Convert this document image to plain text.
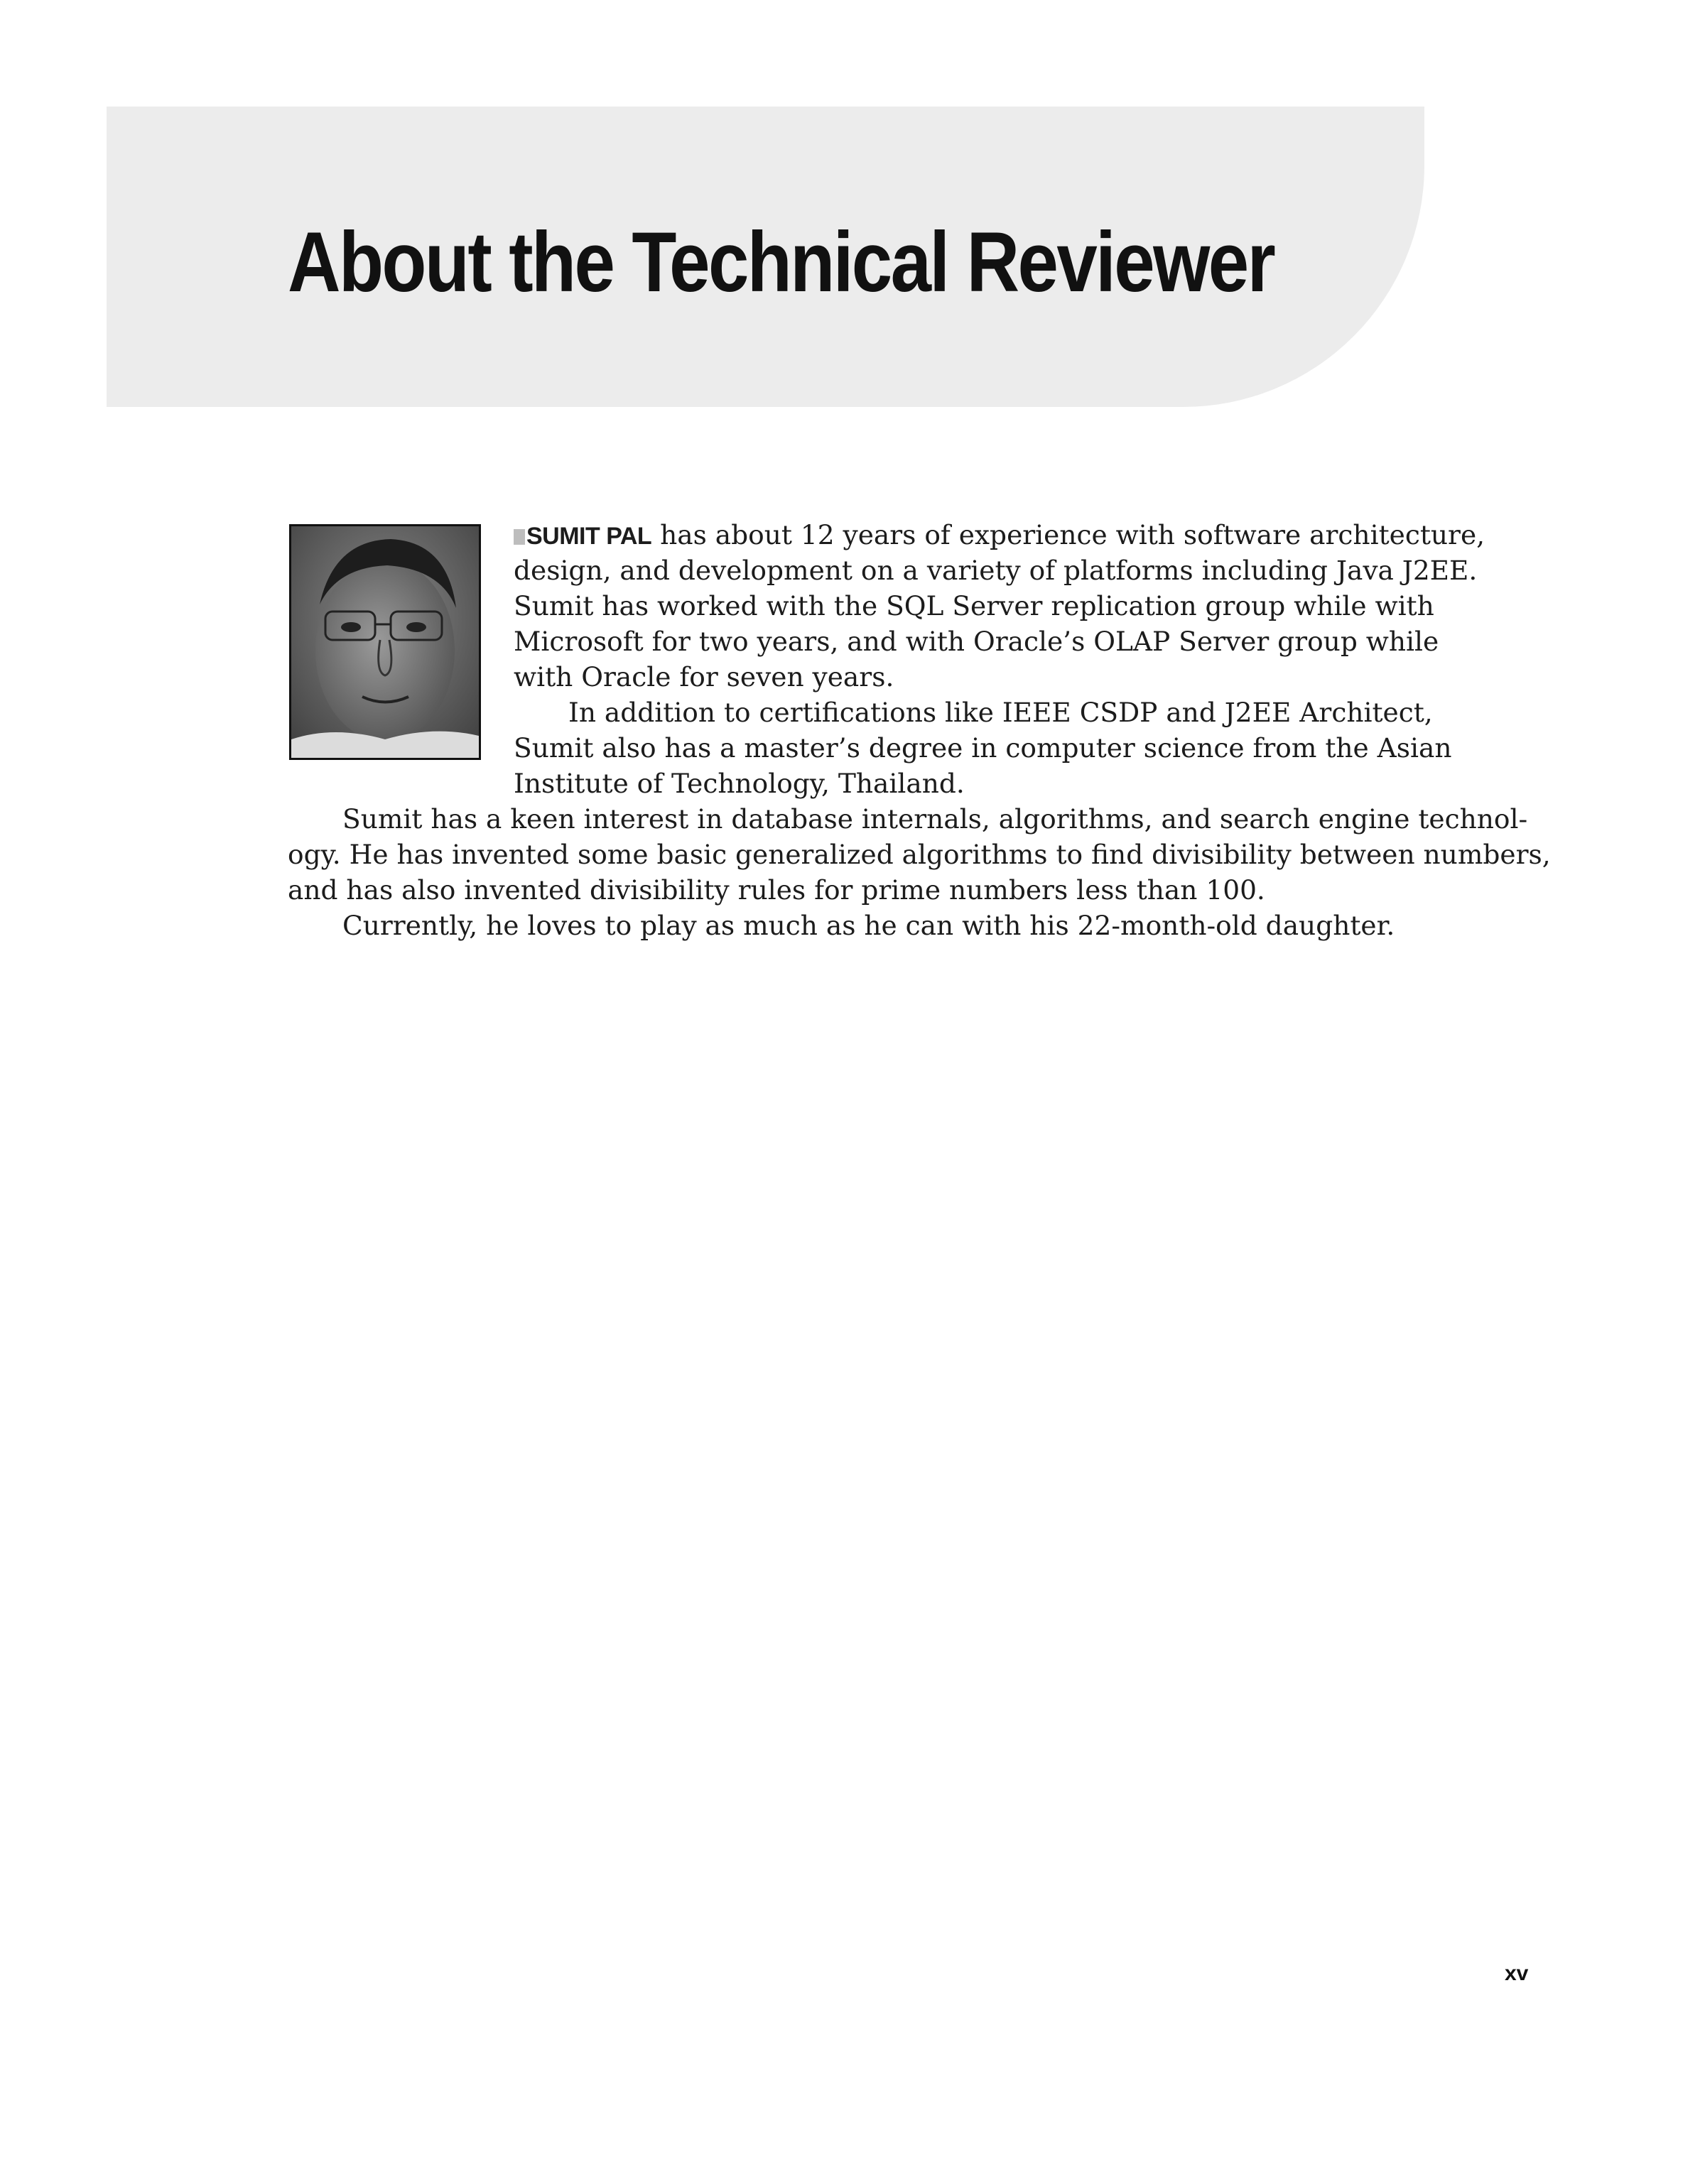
About the Technical Reviewer
SUMIT PAL has about 12 years of experience with software architecture,
design, and development on a variety of platforms including Java J2EE.
Sumit has worked with the SQL Server replication group while with
Microsoft for two years, and with Oracle’s OLAP Server group while
with Oracle for seven years.
In addition to certifications like IEEE CSDP and J2EE Architect,
Sumit also has a master’s degree in computer science from the Asian
Institute of Technology, Thailand.
Sumit has a keen interest in database internals, algorithms, and search engine technol-
ogy. He has invented some basic generalized algorithms to find divisibility between numbers,
and has also invented divisibility rules for prime numbers less than 100.
Currently, he loves to play as much as he can with his 22-month-old daughter.
xv
